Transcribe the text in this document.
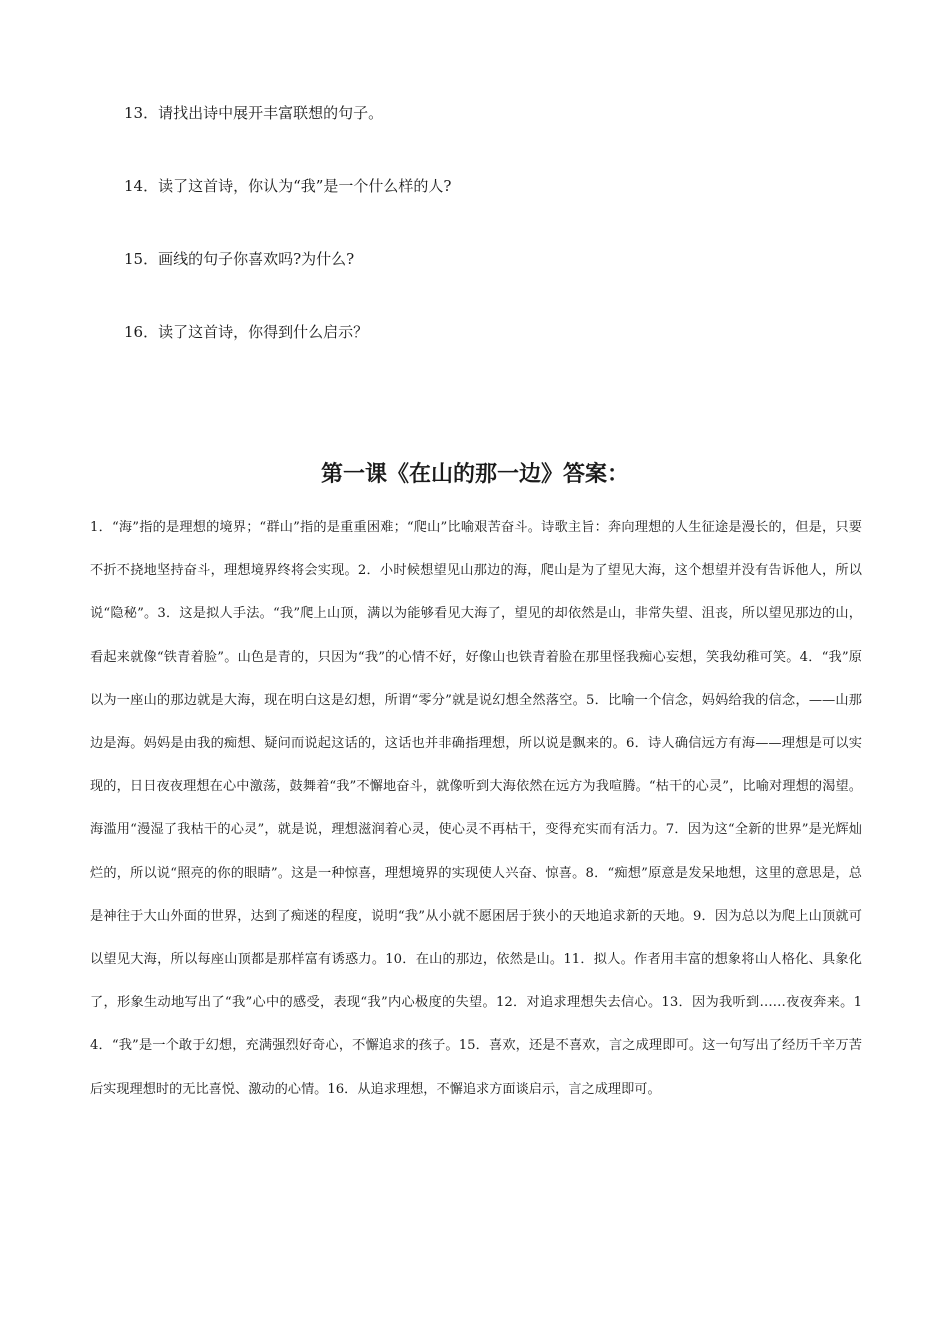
13．请找出诗中展开丰富联想的句子。
14．读了这首诗，你认为“我”是一个什么样的人?
15．画线的句子你喜欢吗?为什么?
16．读了这首诗，你得到什么启示？
第一课《在山的那一边》答案：

1．“海”指的是理想的境界；“群山”指的是重重困难；“爬山”比喻艰苦奋斗。诗歌主旨：奔向理想的人生征途是漫长的，但是，只要不折不挠地坚持奋斗，理想境界终将会实现。2．小时候想望见山那边的海，爬山是为了望见大海，这个想望并没有告诉他人，所以说“隐秘”。3．这是拟人手法。“我”爬上山顶，满以为能够看见大海了，望见的却依然是山，非常失望、沮丧，所以望见那边的山，看起来就像“铁青着脸”。山色是青的，只因为“我”的心情不好，好像山也铁青着脸在那里怪我痴心妄想，笑我幼稚可笑。4．“我”原以为一座山的那边就是大海，现在明白这是幻想，所谓“零分”就是说幻想全然落空。5．比喻一个信念，妈妈给我的信念，——山那边是海。妈妈是由我的痴想、疑问而说起这话的，这话也并非确指理想，所以说是飘来的。6．诗人确信远方有海——理想是可以实现的，日日夜夜理想在心中激荡，鼓舞着“我”不懈地奋斗，就像听到大海依然在远方为我喧腾。“枯干的心灵”，比喻对理想的渴望。海滥用“漫湿了我枯干的心灵”，就是说，理想滋润着心灵，使心灵不再枯干，变得充实而有活力。7．因为这“全新的世界”是光辉灿烂的，所以说“照亮的你的眼睛”。这是一种惊喜，理想境界的实现使人兴奋、惊喜。8．“痴想”原意是发呆地想，这里的意思是，总是神往于大山外面的世界，达到了痴迷的程度，说明“我”从小就不愿困居于狭小的天地追求新的天地。9．因为总以为爬上山顶就可以望见大海，所以每座山顶都是那样富有诱惑力。10．在山的那边，依然是山。11．拟人。作者用丰富的想象将山人格化、具象化了，形象生动地写出了“我”心中的感受，表现“我”内心极度的失望。12．对追求理想失去信心。13．因为我听到……夜夜奔来。14．“我”是一个敢于幻想，充满强烈好奇心，不懈追求的孩子。15．喜欢，还是不喜欢，言之成理即可。这一句写出了经历千辛万苦后实现理想时的无比喜悦、激动的心情。16．从追求理想，不懈追求方面谈启示，言之成理即可。
